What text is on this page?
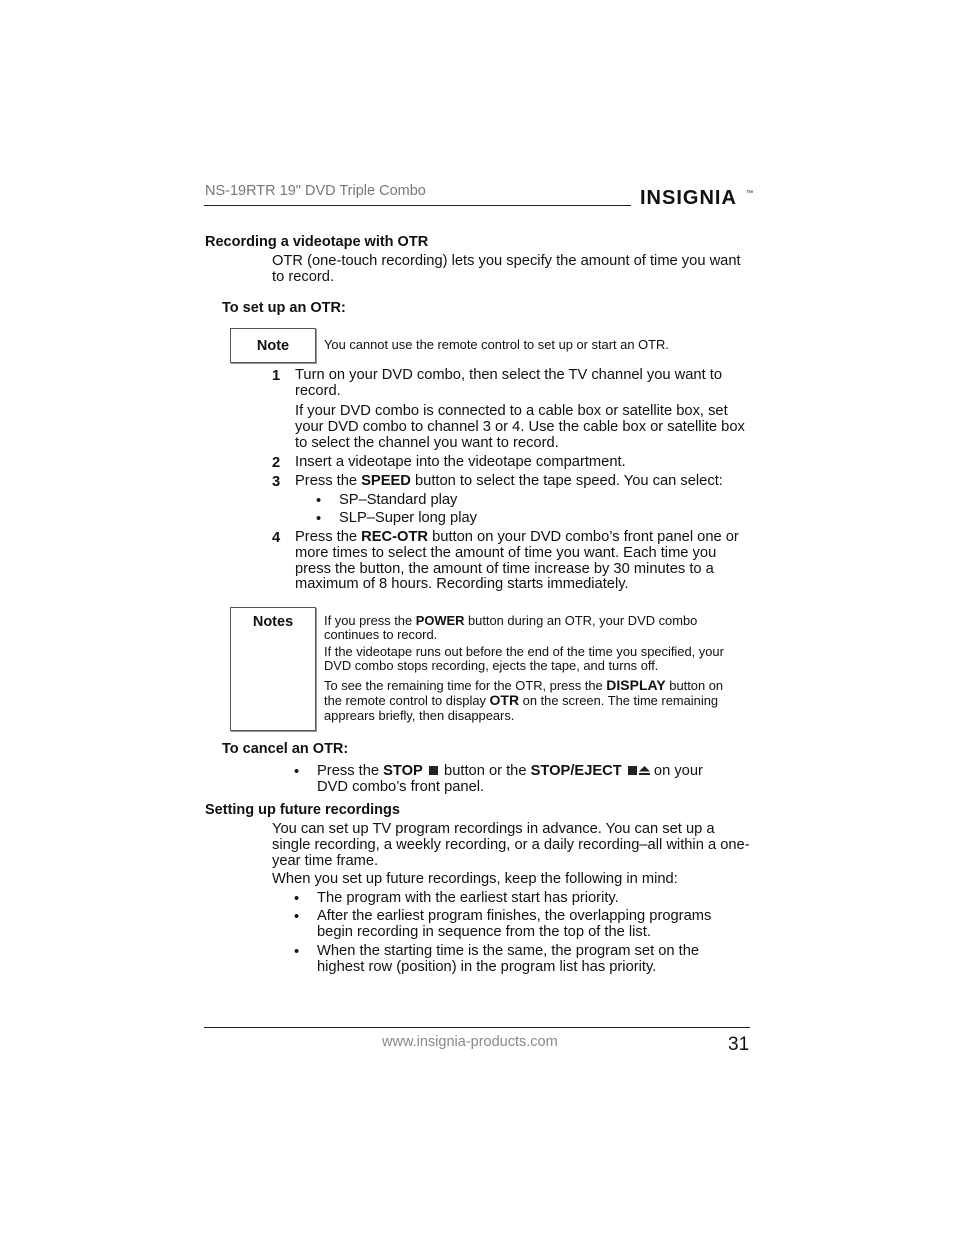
NS-19RTR 19" DVD Triple Combo	INSIGNIA ™
Recording a videotape with OTR
OTR (one-touch recording) lets you specify the amount of time you want to record.
To set up an OTR:
Note	You cannot use the remote control to set up or start an OTR.
1 Turn on your DVD combo, then select the TV channel you want to record.
If your DVD combo is connected to a cable box or satellite box, set your DVD combo to channel 3 or 4. Use the cable box or satellite box to select the channel you want to record.
2 Insert a videotape into the videotape compartment.
3 Press the SPEED button to select the tape speed. You can select:
• SP–Standard play
• SLP–Super long play
4 Press the REC-OTR button on your DVD combo’s front panel one or more times to select the amount of time you want. Each time you press the button, the amount of time increase by 30 minutes to a maximum of 8 hours. Recording starts immediately.
Notes	If you press the POWER button during an OTR, your DVD combo continues to record.
If the videotape runs out before the end of the time you specified, your DVD combo stops recording, ejects the tape, and turns off.
To see the remaining time for the OTR, press the DISPLAY button on the remote control to display OTR on the screen. The time remaining apprears briefly, then disappears.
To cancel an OTR:
• Press the STOP  button or the STOP/EJECT  on your
DVD combo’s front panel.
Setting up future recordings
You can set up TV program recordings in advance. You can set up a single recording, a weekly recording, or a daily recording–all within a one-year time frame.
When you set up future recordings, keep the following in mind:
• The program with the earliest start has priority.
• After the earliest program finishes, the overlapping programs begin recording in sequence from the top of the list.
• When the starting time is the same, the program set on the highest row (position) in the program list has priority.
www.insignia-products.com	31
